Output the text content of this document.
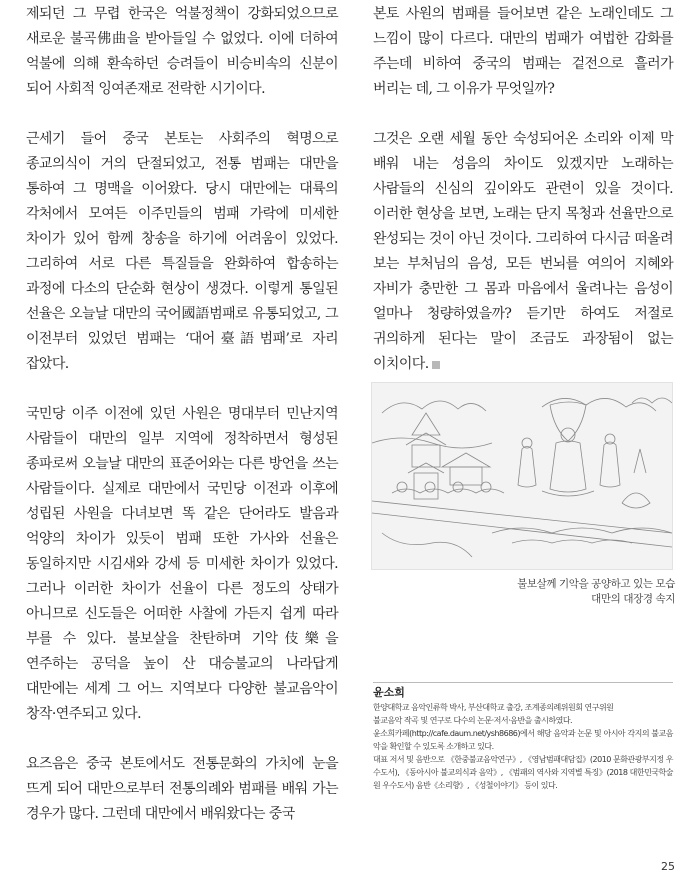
제되던 그 무렵 한국은 억불정책이 강화되었으므로 새로운 불곡佛曲을 받아들일 수 없었다. 이에 더하여 억불에 의해 환속하던 승려들이 비승비속의 신분이 되어 사회적 잉여존재로 전락한 시기이다.

근세기 들어 중국 본토는 사회주의 혁명으로 종교의식이 거의 단절되었고, 전통 범패는 대만을 통하여 그 명맥을 이어왔다. 당시 대만에는 대륙의 각처에서 모여든 이주민들의 범패 가락에 미세한 차이가 있어 함께 창송을 하기에 어려움이 있었다. 그리하여 서로 다른 특질들을 완화하여 합송하는 과정에 다소의 단순화 현상이 생겼다. 이렇게 통일된 선율은 오늘날 대만의 국어國語범패로 유통되었고, 그 이전부터 있었던 범패는 ‘대어臺語범패’로 자리 잡았다.

국민당 이주 이전에 있던 사원은 명대부터 민난지역 사람들이 대만의 일부 지역에 정착하면서 형성된 종파로써 오늘날 대만의 표준어와는 다른 방언을 쓰는 사람들이다. 실제로 대만에서 국민당 이전과 이후에 성립된 사원을 다녀보면 똑 같은 단어라도 발음과 억양의 차이가 있듯이 범패 또한 가사와 선율은 동일하지만 시김새와 강세 등 미세한 차이가 있었다. 그러나 이러한 차이가 선율이 다른 정도의 상태가 아니므로 신도들은 어떠한 사찰에 가든지 쉽게 따라 부를 수 있다. 불보살을 찬탄하며 기악伎樂을 연주하는 공덕을 높이 산 대승불교의 나라답게 대만에는 세계 그 어느 지역보다 다양한 불교음악이 창작·연주되고 있다.

요즈음은 중국 본토에서도 전통문화의 가치에 눈을 뜨게 되어 대만으로부터 전통의례와 범패를 배워 가는 경우가 많다. 그런데 대만에서 배워왔다는 중국

본토 사원의 범패를 들어보면 같은 노래인데도 그 느낌이 많이 다르다. 대만의 범패가 여법한 감화를 주는데 비하여 중국의 범패는 겉전으로 흘러가 버리는 데, 그 이유가 무엇일까?

그것은 오랜 세월 동안 숙성되어온 소리와 이제 막 배워 내는 성음의 차이도 있겠지만 노래하는 사람들의 신심의 깊이와도 관련이 있을 것이다. 이러한 현상을 보면, 노래는 단지 목청과 선율만으로 완성되는 것이 아닌 것이다. 그리하여 다시금 떠올려 보는 부처님의 음성, 모든 번뇌를 여의어 지혜와 자비가 충만한 그 몸과 마음에서 울려나는 음성이 얼마나 청량하였을까? 듣기만 하여도 저절로 귀의하게 된다는 말이 조금도 과장됨이 없는 이치이다.

불보살께 기악을 공양하고 있는 모습
대만의 대장경 속지
윤소희

한양대학교 음악인류학 박사, 부산대학교 출강, 조계종의례위원회 연구위원

불교음악 작곡 및 연구로 다수의 논문·저서·음반을 출시하였다.

윤소희카페(http://cafe.daum.net/ysh8686)에서 해당 음악과 논문 및 아시아 각지의 불교음악을 확인할 수 있도록 소개하고 있다.

대표 저서 및 음반으로 《한중불교음악연구》, 《영남범패대담집》(2010 문화관광부지정 우수도서), 《동아시아 불교의식과 음악》, 《범패의 역사와 지역별 특징》(2018 대한민국학술원 우수도서) 음반《소리향》, 《성철이야기》 등이 있다.

25
